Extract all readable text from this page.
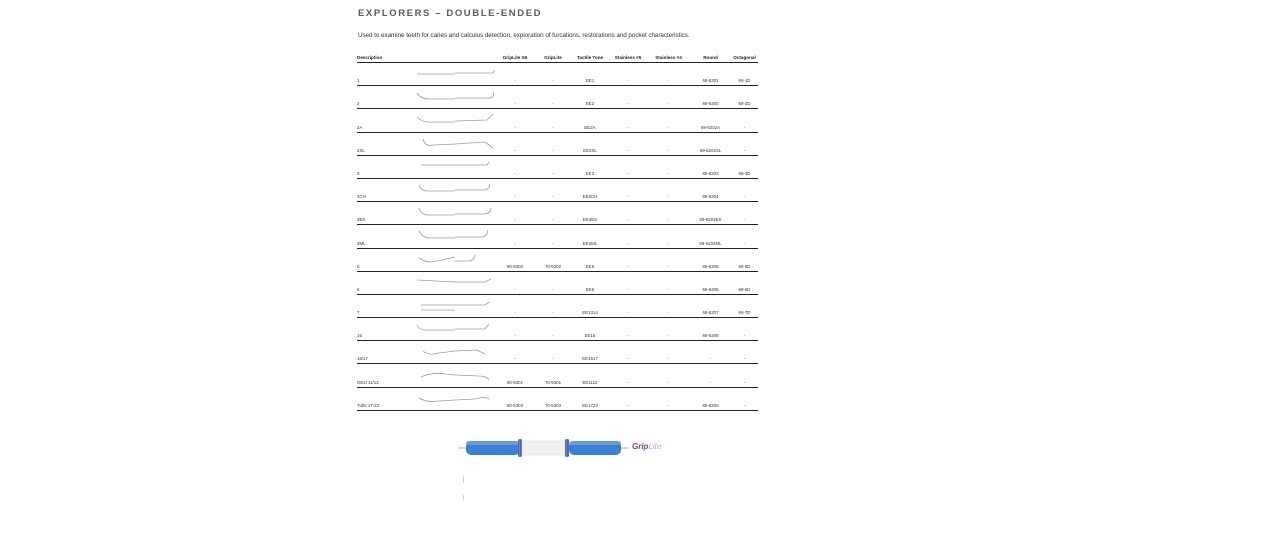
EXPLORERS – DOUBLE-ENDED
Used to examine teeth for caries and calculus detection, exploration of furcations, restorations and pocket characteristics.
Description		GripLite S6	GripLite	Tactile Tone	Stainless #6	Stainless #4	Round	Octagonal
1		-	-	EE1	-	-	69-6201	69-1D
2		-	-	EE2	-	-	69-6200	69-2D
2A		-	-	EE2A	-	-	69-6202A	-
2SL		-	-	EE2SL	-	-	69-6202SL	-
3		-	-	EE3	-	-	69-6202	69-3D
3CH		-	-	EE3CH	-	-	69-6204	-
3ES		-	-	EE3ES	-	-	69-6203ES	-
3ML		-	-	EE3ML	-	-	69-6203ML	-
5		80-5302	70-5302	EE5	-	-	69-6206	69-5D
6		-	-	EE6	-	-	69-6205	69-6D
7		-	-	EE1314	-	-	69-6207	69-7D
16		-	-	EE16	-	-	69-6208	-
16/17		-	-	EE1617	-	-	-	-
ODU 11/12		80-5301	70-5301	EE1112	-	-	-	-
Tufts 17-23		80-5303	70-5303	EE1723	-	-	69-6209	-
GripLite
